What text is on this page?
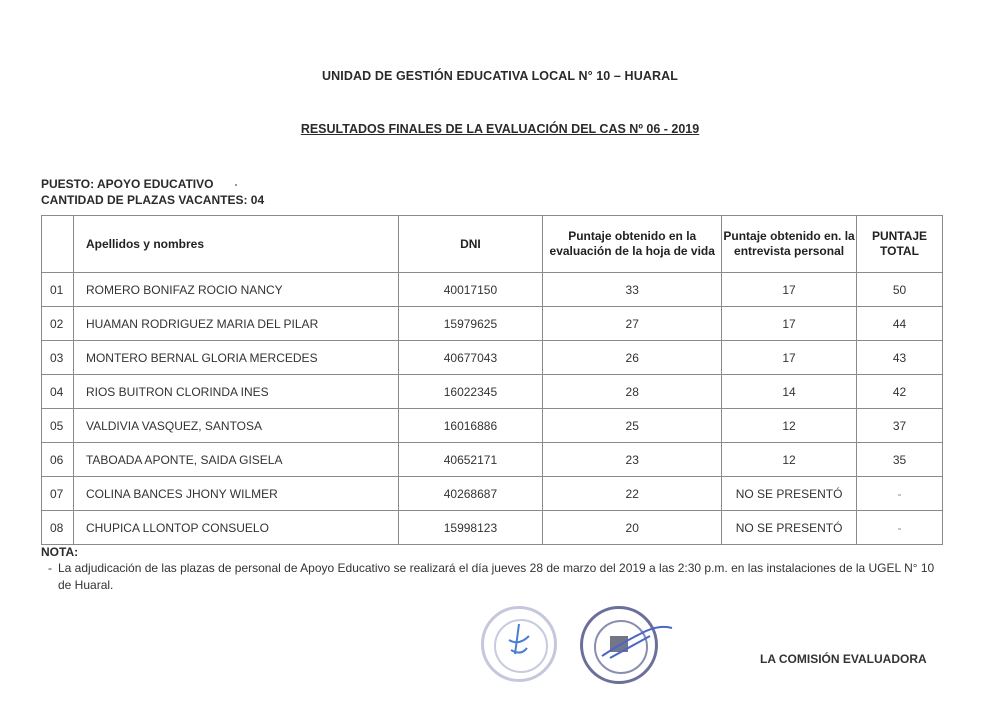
UNIDAD DE GESTIÓN EDUCATIVA LOCAL N° 10 – HUARAL
RESULTADOS FINALES DE LA EVALUACIÓN DEL CAS Nº 06 - 2019
PUESTO: APOYO EDUCATIVO
CANTIDAD DE PLAZAS VACANTES: 04
	Apellidos y nombres	DNI	Puntaje obtenido en la evaluación de la hoja de vida	Puntaje obtenido en. la entrevista personal	PUNTAJE TOTAL
01	ROMERO BONIFAZ ROCIO NANCY	40017150	33	17	50
02	HUAMAN RODRIGUEZ MARIA DEL PILAR	15979625	27	17	44
03	MONTERO BERNAL GLORIA MERCEDES	40677043	26	17	43
04	RIOS BUITRON CLORINDA INES	16022345	28	14	42
05	VALDIVIA VASQUEZ, SANTOSA	16016886	25	12	37
06	TABOADA APONTE, SAIDA GISELA	40652171	23	12	35
07	COLINA BANCES JHONY WILMER	40268687	22	NO SE PRESENTÓ	-
08	CHUPICA LLONTOP CONSUELO	15998123	20	NO SE PRESENTÓ	-
NOTA:
- La adjudicación de las plazas de personal de Apoyo Educativo se realizará el día jueves 28 de marzo del 2019 a las 2:30 p.m. en las instalaciones de la UGEL N° 10 de Huaral.
LA COMISIÓN EVALUADORA
